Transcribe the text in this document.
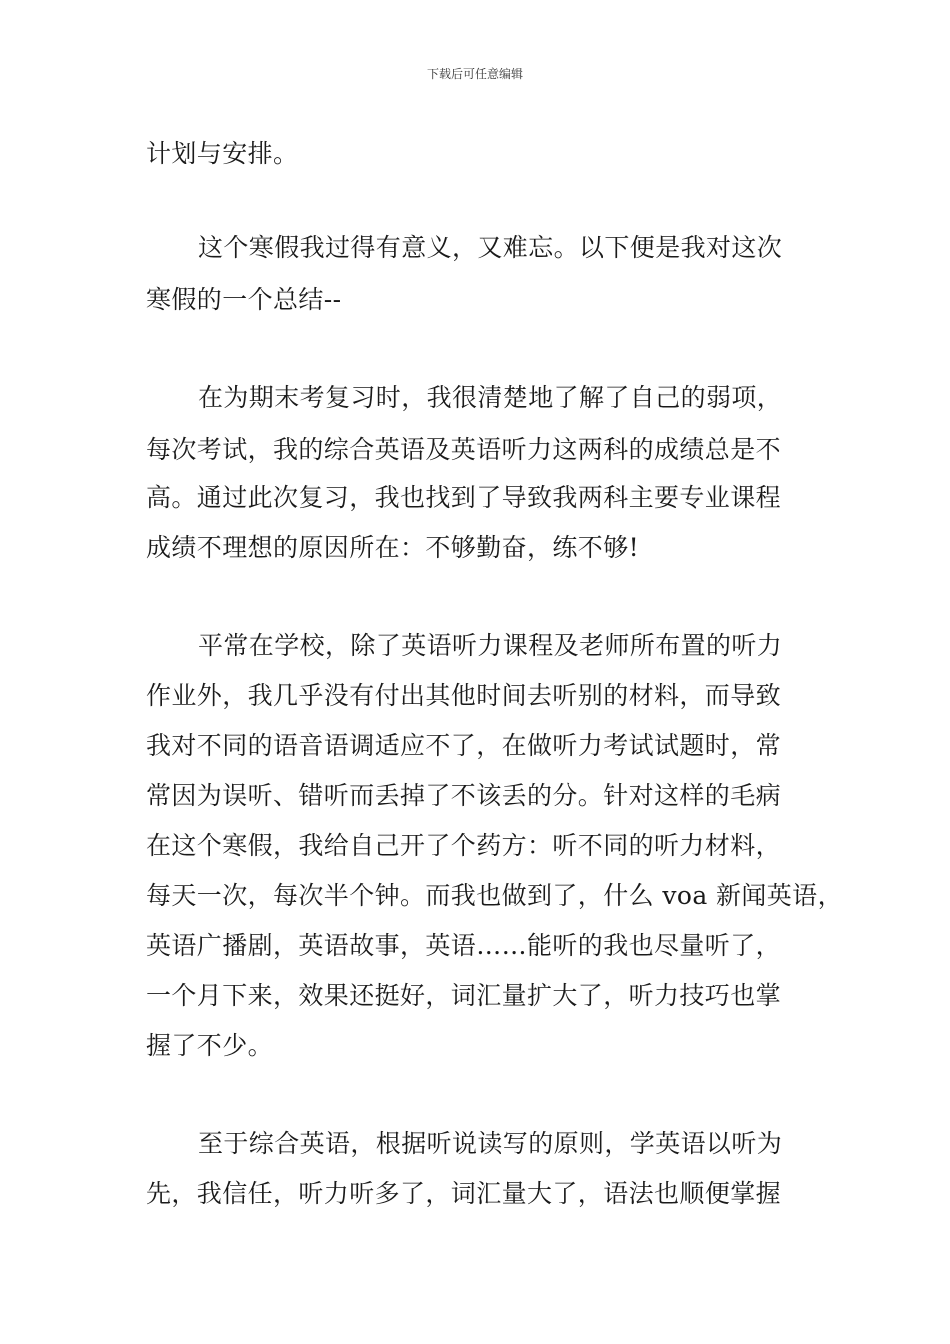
下载后可任意编辑
计划与安排。
这个寒假我过得有意义，又难忘。以下便是我对这次
寒假的一个总结--
在为期末考复习时，我很清楚地了解了自己的弱项，
每次考试，我的综合英语及英语听力这两科的成绩总是不
高。通过此次复习，我也找到了导致我两科主要专业课程
成绩不理想的原因所在：不够勤奋，练不够!
平常在学校，除了英语听力课程及老师所布置的听力
作业外，我几乎没有付出其他时间去听别的材料，而导致
我对不同的语音语调适应不了，在做听力考试试题时，常
常因为误听、错听而丢掉了不该丢的分。针对这样的毛病
在这个寒假，我给自己开了个药方：听不同的听力材料，
每天一次，每次半个钟。而我也做到了，什么 voa 新闻英语，
英语广播剧，英语故事，英语……能听的我也尽量听了，
一个月下来，效果还挺好，词汇量扩大了，听力技巧也掌
握了不少。
至于综合英语，根据听说读写的原则，学英语以听为
先，我信任，听力听多了，词汇量大了，语法也顺便掌握
